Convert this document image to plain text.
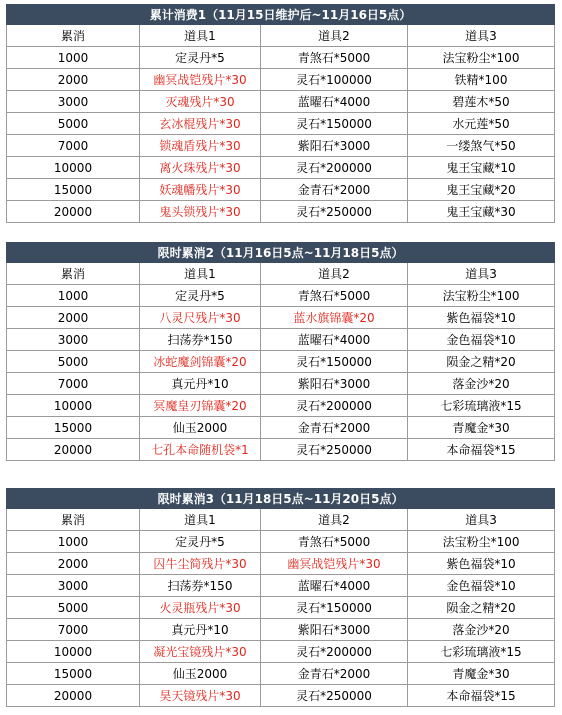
累计消费1（11月15日维护后~11月16日5点）			
累消	道具1	道具2	道具3
1000	定灵丹*5	青煞石*5000	法宝粉尘*100
2000	幽冥战铠残片*30	灵石*100000	铁精*100
3000	灭魂残片*30	蓝曜石*4000	碧莲木*50
5000	玄冰棍残片*30	灵石*150000	水元莲*50
7000	锁魂盾残片*30	紫阳石*3000	一缕煞气*50
10000	离火珠残片*30	灵石*200000	鬼王宝藏*10
15000	妖魂幡残片*30	金青石*2000	鬼王宝藏*20
20000	鬼头锁残片*30	灵石*250000	鬼王宝藏*30
限时累消2（11月16日5点~11月18日5点）			
累消	道具1	道具2	道具3
1000	定灵丹*5	青煞石*5000	法宝粉尘*100
2000	八灵尺残片*30	蓝水旗锦囊*20	紫色福袋*10
3000	扫荡券*150	蓝曜石*4000	金色福袋*10
5000	冰蛇魔剑锦囊*20	灵石*150000	陨金之精*20
7000	真元丹*10	紫阳石*3000	落金沙*20
10000	冥魔皇刃锦囊*20	灵石*200000	七彩琉璃液*15
15000	仙玉2000	金青石*2000	青魔金*30
20000	七孔本命随机袋*1	灵石*250000	本命福袋*15
限时累消3（11月18日5点~11月20日5点）			
累消	道具1	道具2	道具3
1000	定灵丹*5	青煞石*5000	法宝粉尘*100
2000	囚牛尘简残片*30	幽冥战铠残片*30	紫色福袋*10
3000	扫荡券*150	蓝曜石*4000	金色福袋*10
5000	火灵瓶残片*30	灵石*150000	陨金之精*20
7000	真元丹*10	紫阳石*3000	落金沙*20
10000	凝光宝镜残片*30	灵石*200000	七彩琉璃液*15
15000	仙玉2000	金青石*2000	青魔金*30
20000	昊天镜残片*30	灵石*250000	本命福袋*15
